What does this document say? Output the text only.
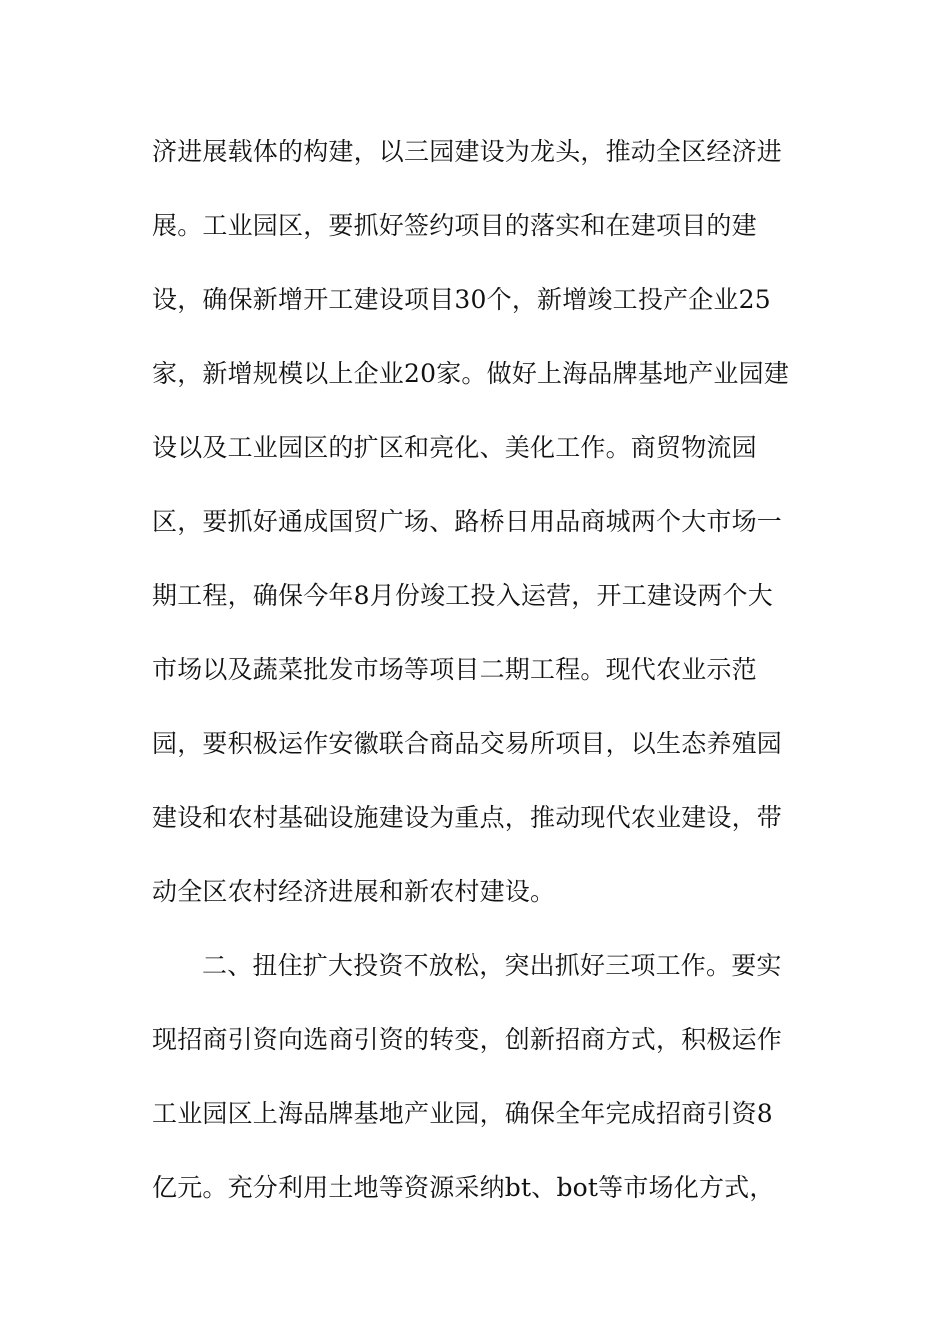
济进展载体的构建，以三园建设为龙头，推动全区经济进
展。工业园区，要抓好签约项目的落实和在建项目的建
设，确保新增开工建设项目30个，新增竣工投产企业25
家，新增规模以上企业20家。做好上海品牌基地产业园建
设以及工业园区的扩区和亮化、美化工作。商贸物流园
区，要抓好通成国贸广场、路桥日用品商城两个大市场一
期工程，确保今年8月份竣工投入运营，开工建设两个大
市场以及蔬菜批发市场等项目二期工程。现代农业示范
园，要积极运作安徽联合商品交易所项目，以生态养殖园
建设和农村基础设施建设为重点，推动现代农业建设，带
动全区农村经济进展和新农村建设。
二、扭住扩大投资不放松，突出抓好三项工作。要实
现招商引资向选商引资的转变，创新招商方式，积极运作
工业园区上海品牌基地产业园，确保全年完成招商引资8
亿元。充分利用土地等资源采纳bt、bot等市场化方式，
